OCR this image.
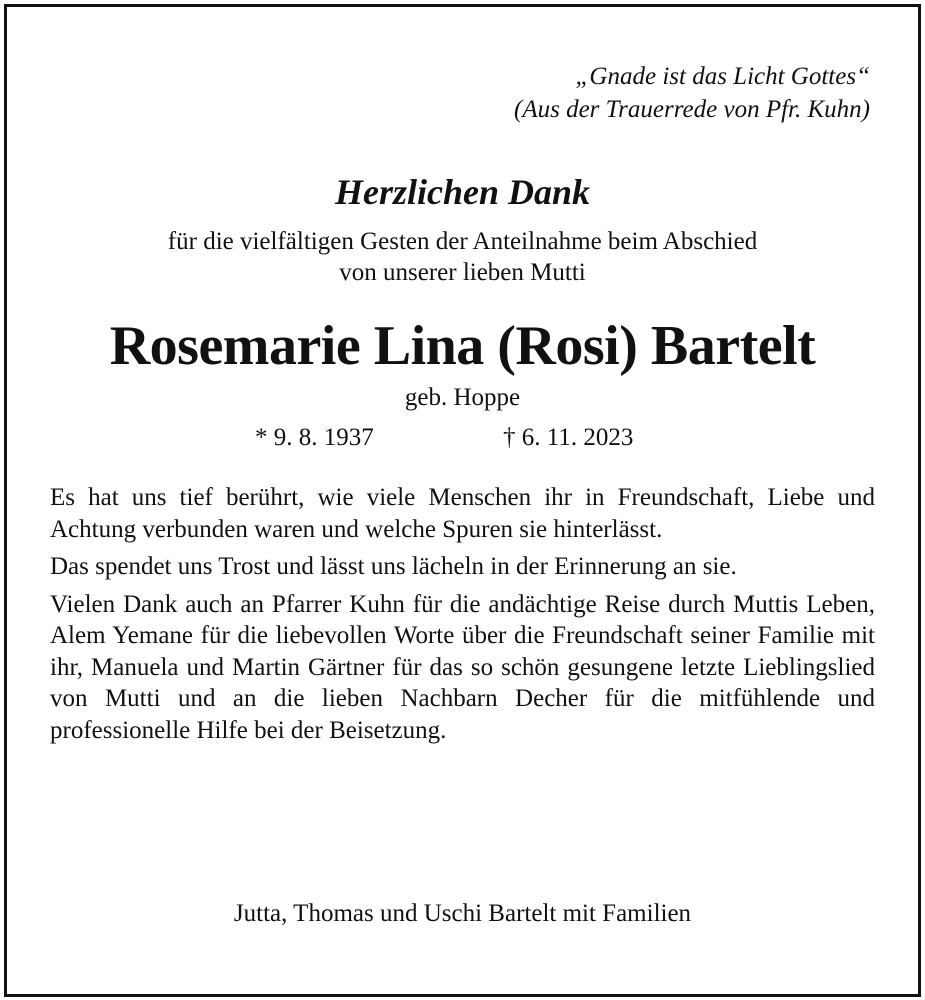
„Gnade ist das Licht Gottes“
(Aus der Trauerrede von Pfr. Kuhn)
Herzlichen Dank
für die vielfältigen Gesten der Anteilnahme beim Abschied
von unserer lieben Mutti
Rosemarie Lina (Rosi) Bartelt
geb. Hoppe
* 9. 8. 1937	† 6. 11. 2023

Es hat uns tief berührt, wie viele Menschen ihr in Freundschaft, Liebe und Achtung verbunden waren und welche Spuren sie hinterlässt.

Das spendet uns Trost und lässt uns lächeln in der Erinnerung an sie.

Vielen Dank auch an Pfarrer Kuhn für die andächtige Reise durch Muttis Leben, Alem Yemane für die liebevollen Worte über die Freundschaft seiner Familie mit ihr, Manuela und Martin Gärtner für das so schön gesungene letzte Lieblingslied von Mutti und an die lieben Nachbarn Decher für die mitfühlende und professionelle Hilfe bei der Beisetzung.

Jutta, Thomas und Uschi Bartelt mit Familien
